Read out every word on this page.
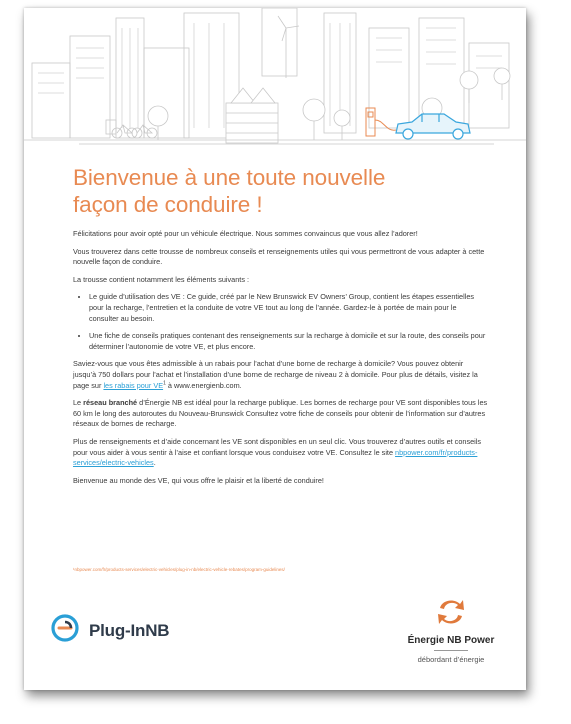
Bienvenue à une toute nouvelle
façon de conduire !

Félicitations pour avoir opté pour un véhicule électrique. Nous sommes convaincus que vous allez l’adorer!

Vous trouverez dans cette trousse de nombreux conseils et renseignements utiles qui vous permettront de vous adapter à cette nouvelle façon de conduire.

La trousse contient notamment les éléments suivants :

• Le guide d’utilisation des VE : Ce guide, créé par le New Brunswick EV Owners’ Group, contient les étapes essentielles pour la recharge, l’entretien et la conduite de votre VE tout au long de l’année. Gardez-le à portée de main pour le consulter au besoin.
• Une fiche de conseils pratiques contenant des renseignements sur la recharge à domicile et sur la route, des conseils pour déterminer l’autonomie de votre VE, et plus encore.

Saviez-vous que vous êtes admissible à un rabais pour l’achat d’une borne de recharge à domicile? Vous pouvez obtenir jusqu’à 750 dollars pour l’achat et l’installation d’une borne de recharge de niveau 2 à domicile. Pour plus de détails, visitez la page sur les rabais pour $VE^1$ à www.energienb.com.

Le réseau branché d’Énergie NB est idéal pour la recharge publique. Les bornes de recharge pour VE sont disponibles tous les 60 km le long des autoroutes du Nouveau-Brunswick Consultez votre fiche de conseils pour obtenir de l’information sur d’autres réseaux de bornes de recharge.

Plus de renseignements et d’aide concernant les VE sont disponibles en un seul clic. Vous trouverez d’autres outils et conseils pour vous aider à vous sentir à l’aise et confiant lorsque vous conduisez votre VE. Consultez le site nbpower.com/fr/products-services/electric-vehicles.

Bienvenue au monde des VE, qui vous offre le plaisir et la liberté de conduire!

¹nbpower.com/fr/products-services/electric-vehicles/plug-in-nb/electric-vehicle-rebates/program-guidelines/
Plug-InNB
Énergie NB Power
débordant d’énergie
